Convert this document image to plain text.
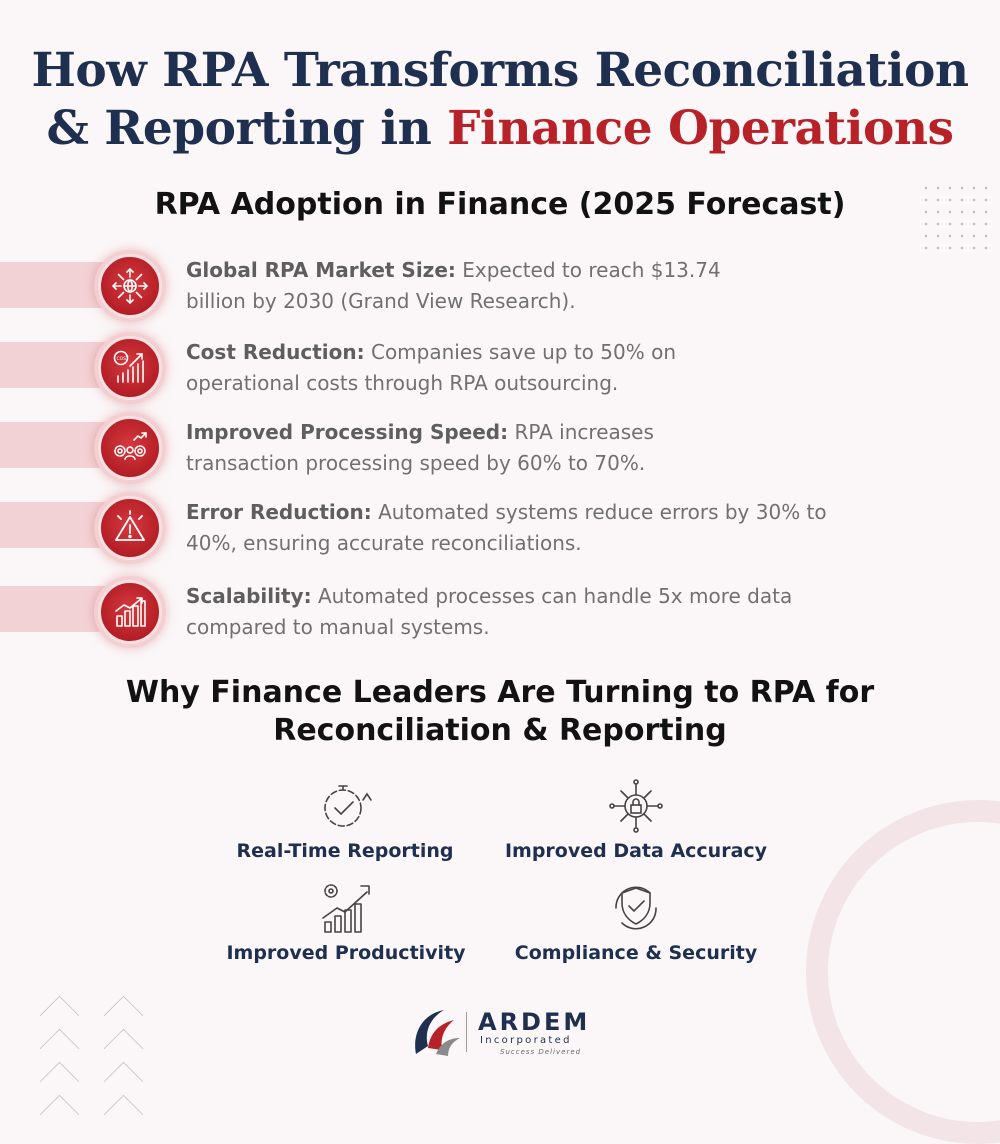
How RPA Transforms Reconciliation
& Reporting in Finance Operations
RPA Adoption in Finance (2025 Forecast)

Global RPA Market Size: Expected to reach $13.74
billion by 2030 (Grand View Research).

COST	Cost Reduction: Companies save up to 50% on
operational costs through RPA outsourcing.

Improved Processing Speed: RPA increases
transaction processing speed by 60% to 70%.

Error Reduction: Automated systems reduce errors by 30% to
40%, ensuring accurate reconciliations.

Scalability: Automated processes can handle 5x more data
compared to manual systems.

Why Finance Leaders Are Turning to RPA for
Reconciliation & Reporting
Real-Time Reporting	Improved Data Accuracy
Improved Productivity	Compliance & Security
ARDEM
Incorporated
Success Delivered
